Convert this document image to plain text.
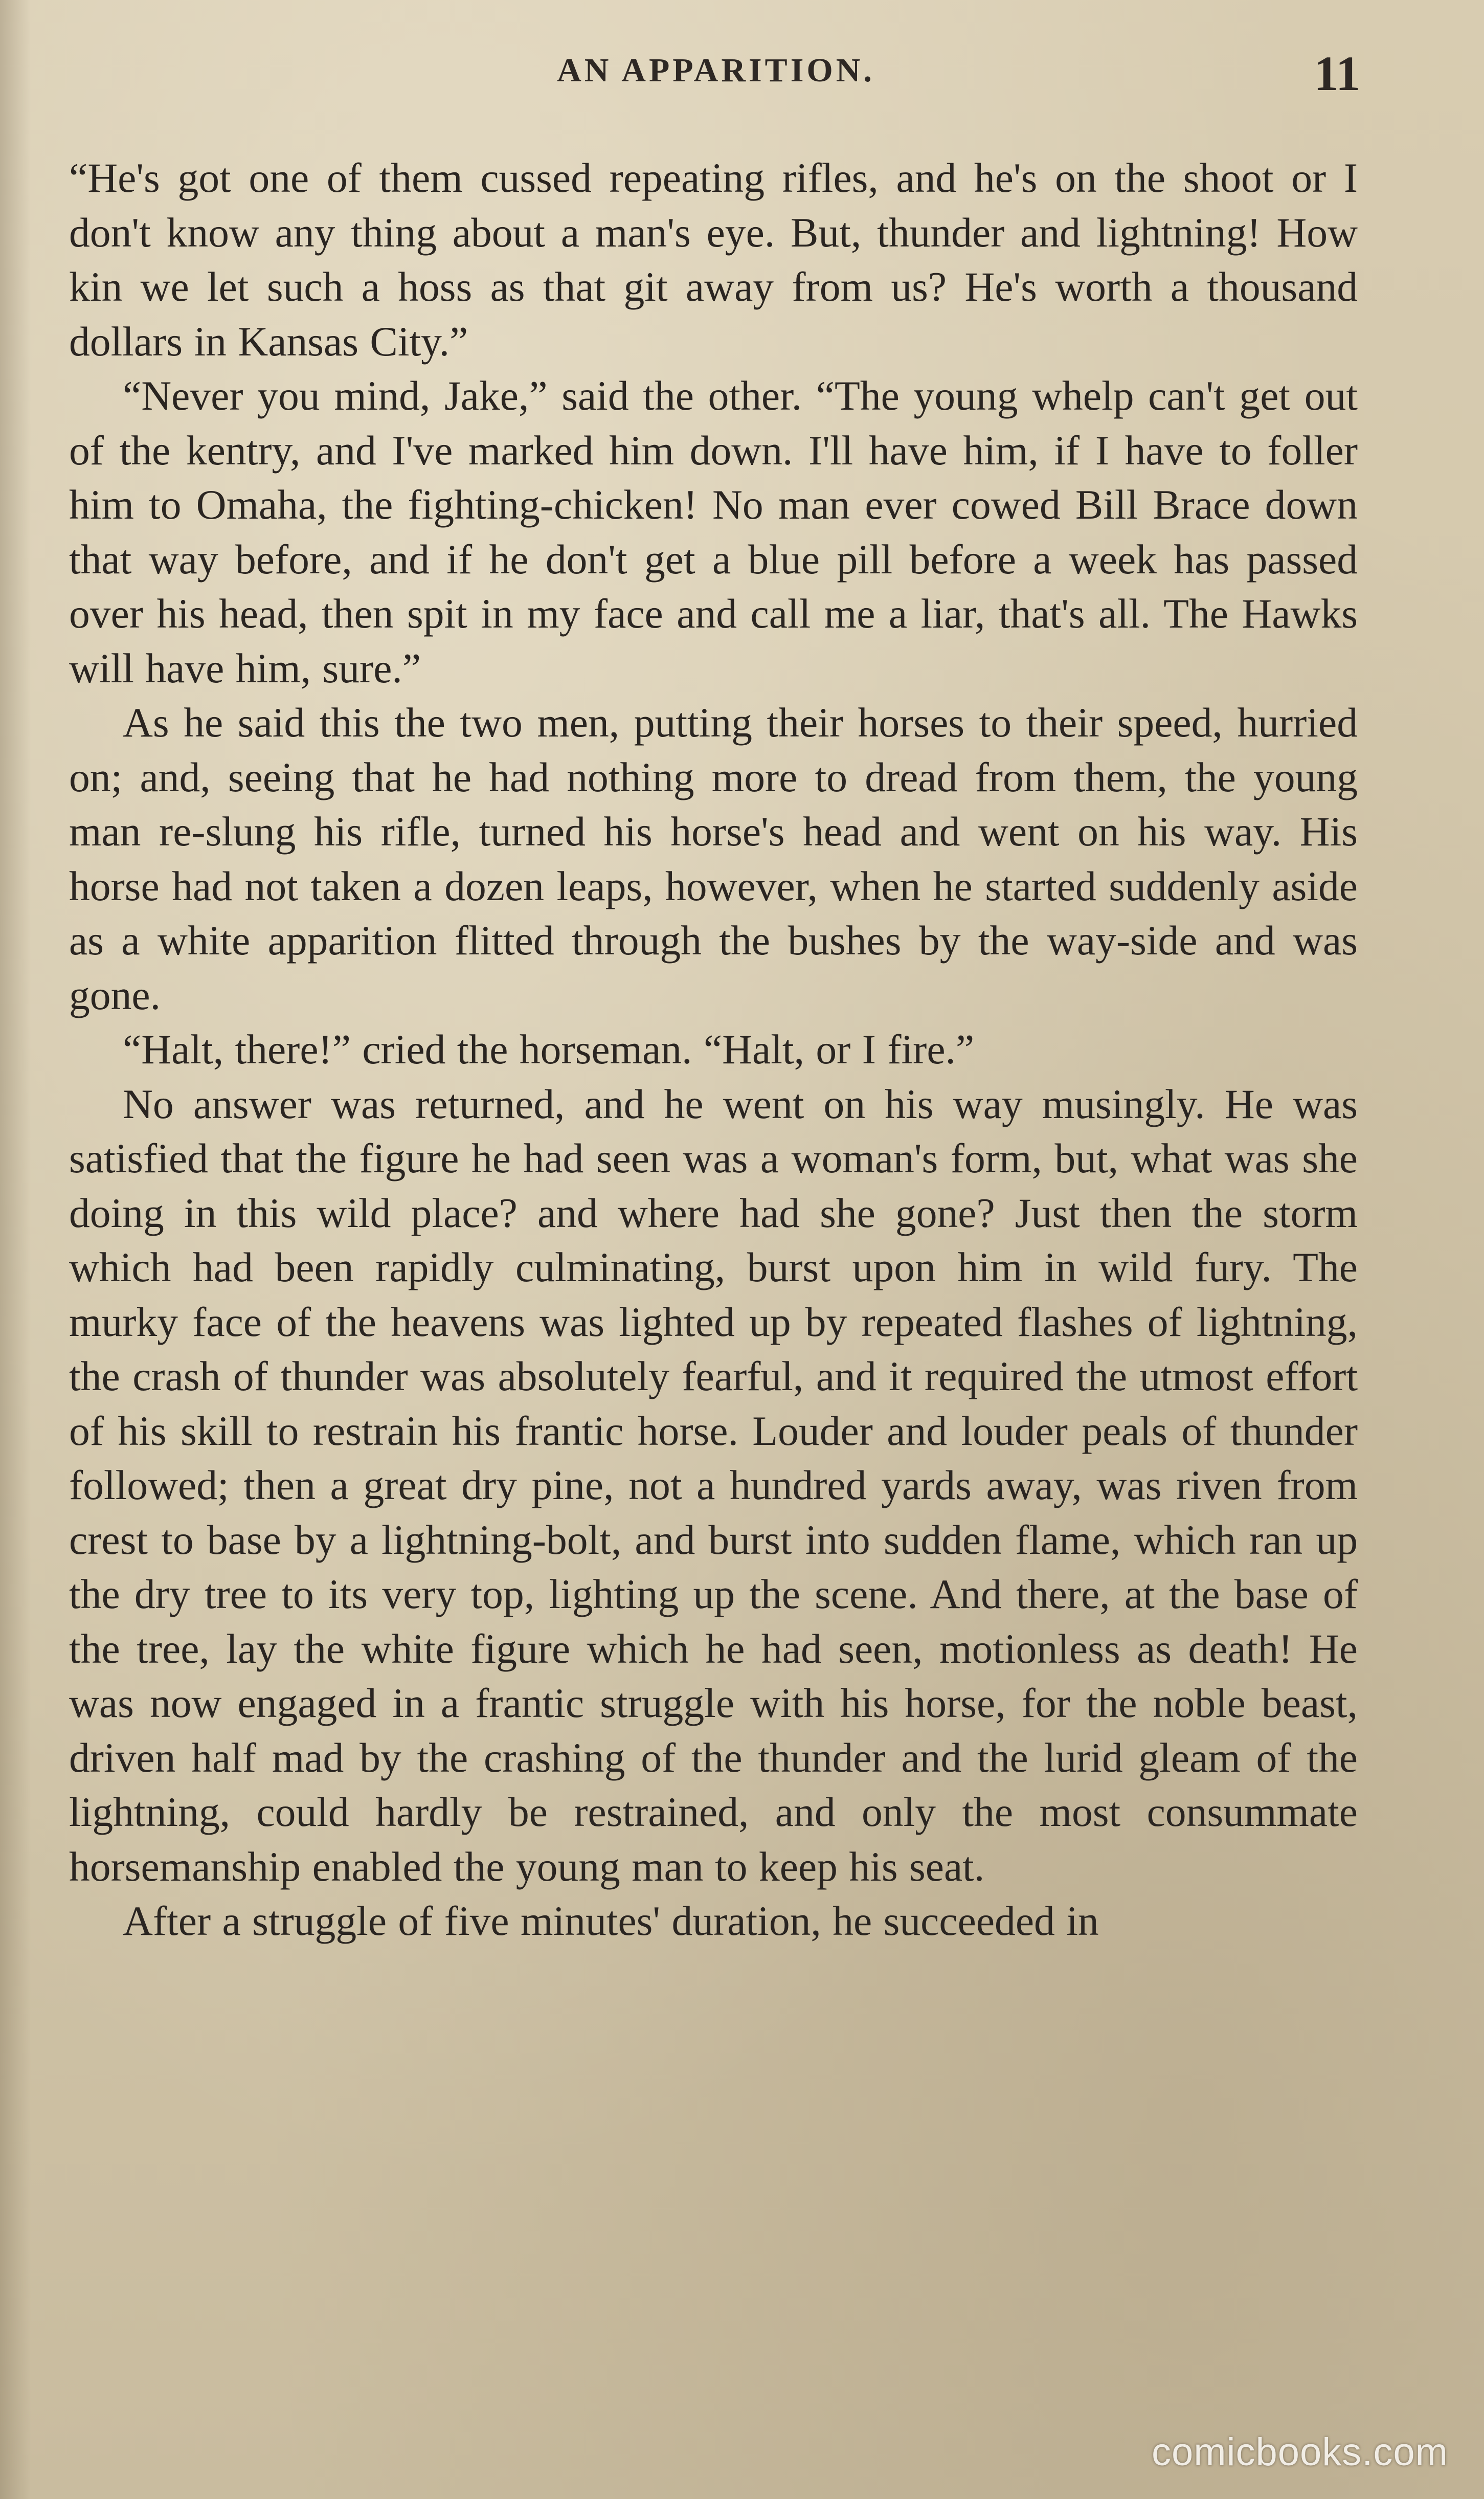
AN APPARITION.	11

“He's got one of them cussed repeating rifles, and he's on the shoot or I don't know any thing about a man's eye. But, thunder and lightning! How kin we let such a hoss as that git away from us? He's worth a thousand dollars in Kansas City.”

“Never you mind, Jake,” said the other. “The young whelp can't get out of the kentry, and I've marked him down. I'll have him, if I have to foller him to Omaha, the fighting-chicken! No man ever cowed Bill Brace down that way before, and if he don't get a blue pill before a week has passed over his head, then spit in my face and call me a liar, that's all. The Hawks will have him, sure.”

As he said this the two men, putting their horses to their speed, hurried on; and, seeing that he had nothing more to dread from them, the young man re-slung his rifle, turned his horse's head and went on his way. His horse had not taken a dozen leaps, however, when he started suddenly aside as a white apparition flitted through the bushes by the way-side and was gone.

“Halt, there!” cried the horseman. “Halt, or I fire.”

No answer was returned, and he went on his way musingly. He was satisfied that the figure he had seen was a woman's form, but, what was she doing in this wild place? and where had she gone? Just then the storm which had been rapidly culminating, burst upon him in wild fury. The murky face of the heavens was lighted up by repeated flashes of lightning, the crash of thunder was absolutely fearful, and it required the utmost effort of his skill to restrain his frantic horse. Louder and louder peals of thunder followed; then a great dry pine, not a hundred yards away, was riven from crest to base by a lightning-bolt, and burst into sudden flame, which ran up the dry tree to its very top, lighting up the scene. And there, at the base of the tree, lay the white figure which he had seen, motionless as death! He was now engaged in a frantic struggle with his horse, for the noble beast, driven half mad by the crashing of the thunder and the lurid gleam of the lightning, could hardly be restrained, and only the most consummate horsemanship enabled the young man to keep his seat.

After a struggle of five minutes' duration, he succeeded in

comicbooks.com
